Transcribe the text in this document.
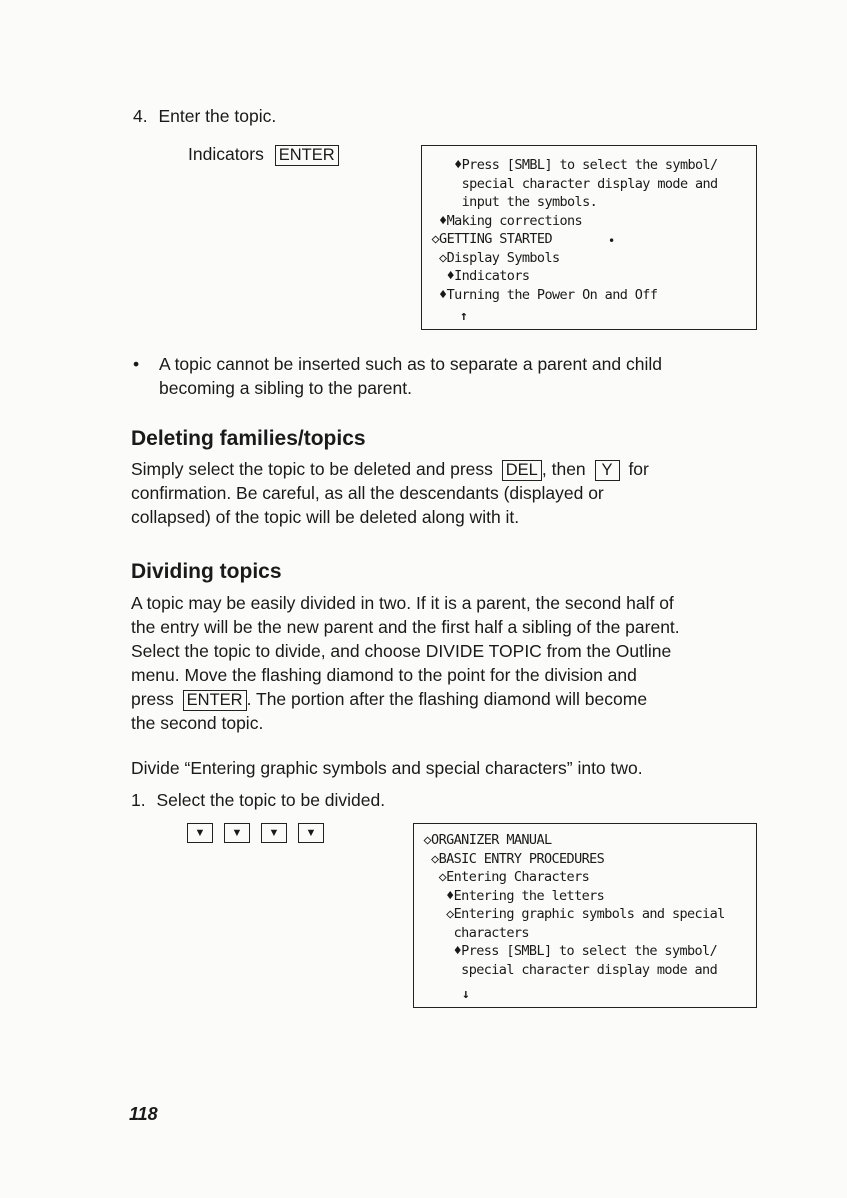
4. Enter the topic.
Indicators ENTER
♦Press [SMBL] to select the symbol/
special character display mode and
input the symbols.
♦Making corrections
◇GETTING STARTED
◇Display Symbols
♦Indicators
♦Turning the Power On and Off
•
↑
•	A topic cannot be inserted such as to separate a parent and child
becoming a sibling to the parent.
Deleting families/topics
Simply select the topic to be deleted and press DEL , then Y for
confirmation. Be careful, as all the descendants (displayed or
collapsed) of the topic will be deleted along with it.
Dividing topics
A topic may be easily divided in two. If it is a parent, the second half of
the entry will be the new parent and the first half a sibling of the parent.
Select the topic to divide, and choose DIVIDE TOPIC from the Outline
menu. Move the flashing diamond to the point for the division and
press ENTER . The portion after the flashing diamond will become
the second topic.
Divide “Entering graphic symbols and special characters” into two.
1. Select the topic to be divided.
▼ ▼ ▼ ▼	◇ORGANIZER MANUAL
◇BASIC ENTRY PROCEDURES
◇Entering Characters
♦Entering the letters
◇Entering graphic symbols and special
characters
♦Press [SMBL] to select the symbol/
special character display mode and
↓
118
